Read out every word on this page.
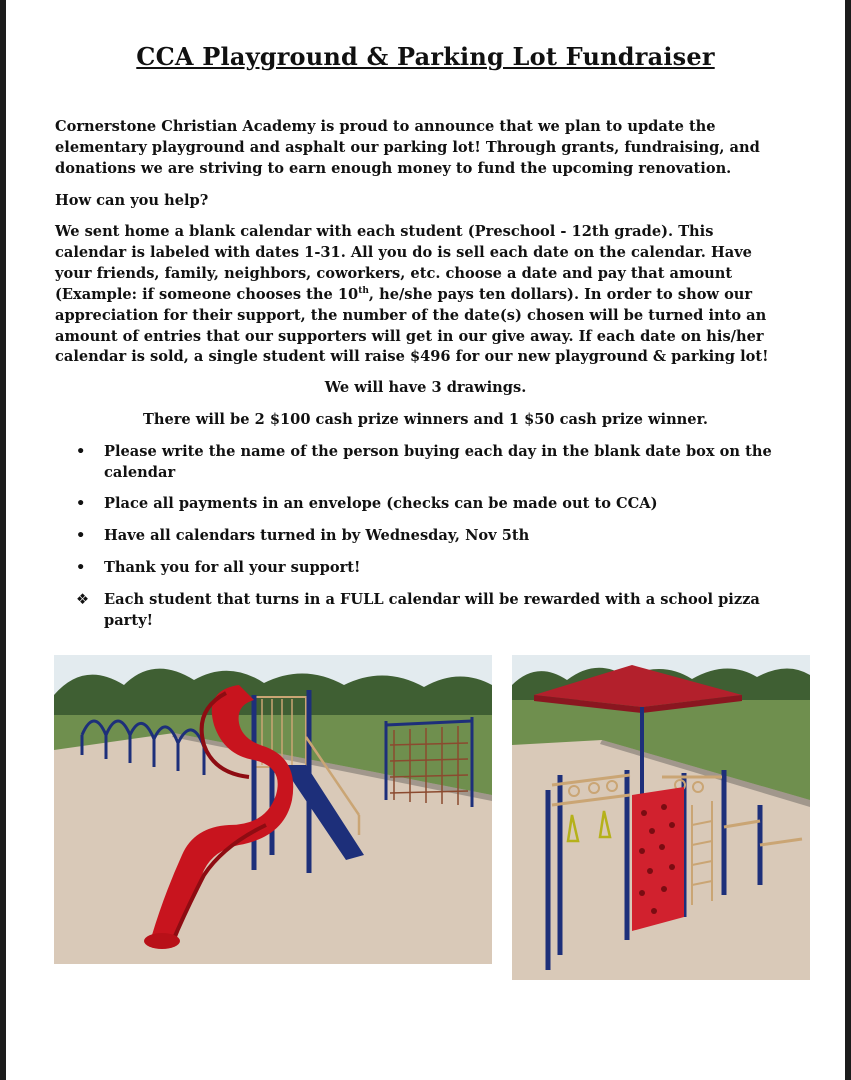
CCA Playground & Parking Lot Fundraiser
Cornerstone Christian Academy is proud to announce that we plan to update the
elementary playground and asphalt our parking lot! Through grants, fundraising, and
donations we are striving to earn enough money to fund the upcoming renovation.
How can you help?
We sent home a blank calendar with each student (Preschool - 12th grade). This
calendar is labeled with dates 1-31. All you do is sell each date on the calendar. Have
your friends, family, neighbors, coworkers, etc. choose a date and pay that amount
(Example: if someone chooses the 10th, he/she pays ten dollars). In order to show our
appreciation for their support, the number of the date(s) chosen will be turned into an
amount of entries that our supporters will get in our give away. If each date on his/her
calendar is sold, a single student will raise $496 for our new playground & parking lot!
We will have 3 drawings.
There will be 2 $100 cash prize winners and 1 $50 cash prize winner.
•	Please write the name of the person buying each day in the blank date box on the calendar
•	Place all payments in an envelope (checks can be made out to CCA)
•	Have all calendars turned in by Wednesday, Nov 5th
•	Thank you for all your support!
❖	Each student that turns in a FULL calendar will be rewarded with a school pizza party!
